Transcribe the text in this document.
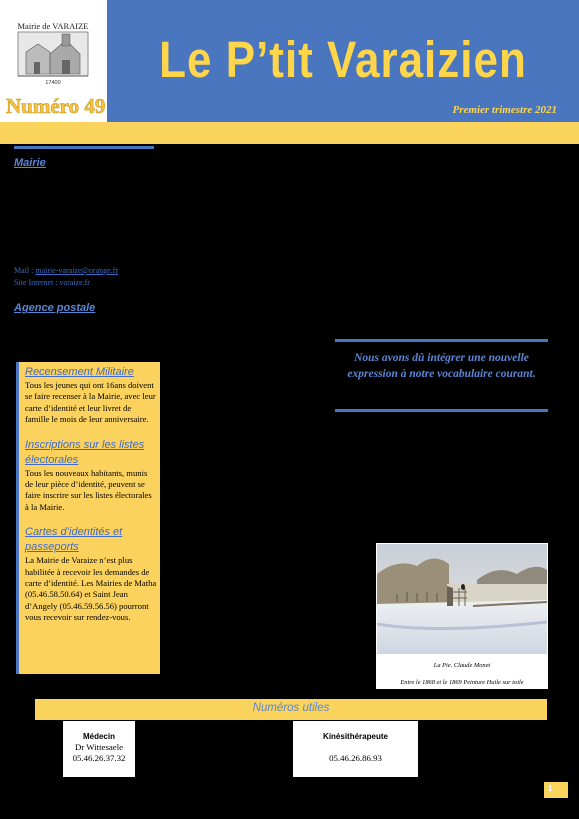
Mairie de VARAIZE
17400	Le P’tit Varaizien
Numéro 49	Premier trimestre 2021
Mairie
Mail : mairie-varaize@orange.fr
Site Internet : varaize.fr
Agence postale
Recensement Militaire
Tous les jeunes qui ont 16ans doivent se faire recenser à la Mairie, avec leur carte d’identité et leur livret de famille le mois de leur anniversaire.
Inscriptions sur les listes électorales
Tous les nouveaux habitants, munis de leur pièce d’identité, peuvent se faire inscrire sur les listes électorales à la Mairie.
Cartes d’identités et passeports
La Mairie de Varaize n’est plus habilitée à recevoir les demandes de carte d’identité. Les Mairies de Matha (05.46.58.50.64) et Saint Jean d’Angely (05.46.59.56.56) pourront vous recevoir sur rendez-vous.
Nous avons dû intégrer une nouvelle expression à notre vocabulaire courant.
La Pie. Claude Monet
Entre le 1868 et le 1869 Peinture Huile sur toile
Numéros utiles
Médecin
Dr Wittesaele
05.46.26.37.32
Kinésithérapeute
05.46.26.86.93
1
